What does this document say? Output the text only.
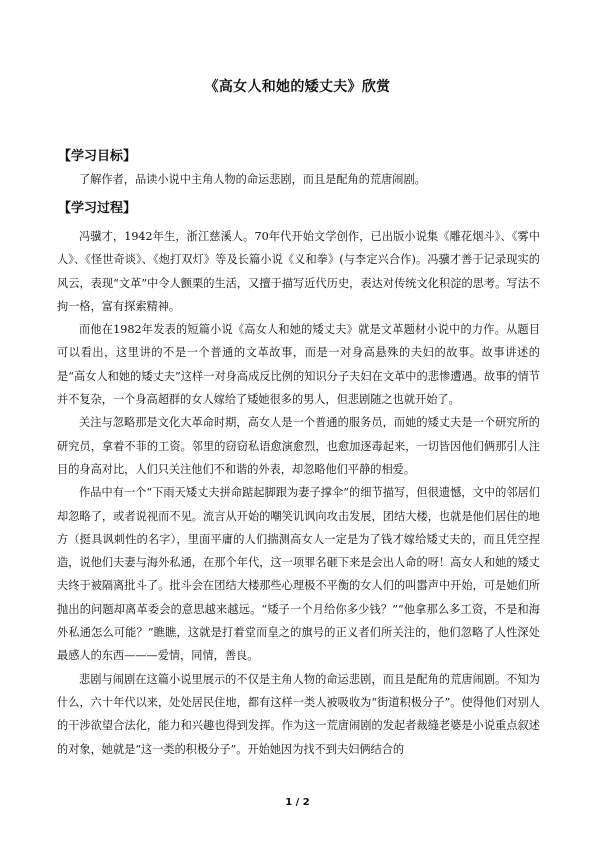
《高女人和她的矮丈夫》欣赏
【学习目标】

了解作者，品读小说中主角人物的命运悲剧，而且是配角的荒唐闹剧。

【学习过程】

冯骥才，1942年生，浙江慈溪人。70年代开始文学创作，已出版小说集《雕花烟斗》、《雾中人》、《怪世奇谈》、《炮打双灯》等及长篇小说《义和拳》(与李定兴合作)。冯骥才善于记录现实的风云，表现“文革”中令人颤栗的生活，又擅于描写近代历史，表达对传统文化积淀的思考。写法不拘一格，富有探索精神。

而他在1982年发表的短篇小说《高女人和她的矮丈夫》就是文革题材小说中的力作。从题目可以看出，这里讲的不是一个普通的文革故事，而是一对身高悬殊的夫妇的故事。故事讲述的是“高女人和她的矮丈夫”这样一对身高成反比例的知识分子夫妇在文革中的悲惨遭遇。故事的情节并不复杂，一个身高超群的女人嫁给了矮她很多的男人，但悲剧随之也就开始了。

关注与忽略那是文化大革命时期，高女人是一个普通的服务员，而她的矮丈夫是一个研究所的研究员，拿着不菲的工资。邻里的窃窃私语愈演愈烈，也愈加逐毒起来，一切皆因他们俩那引人注目的身高对比，人们只关注他们不和谐的外表，却忽略他们平静的相爱。

作品中有一个“下雨天矮丈夫拼命踮起脚跟为妻子撑伞”的细节描写，但很遗憾，文中的邻居们却忽略了，或者说视而不见。流言从开始的嘲笑讥讽向攻击发展，团结大楼，也就是他们居住的地方（挺具讽刺性的名字），里面平庸的人们揣测高女人一定是为了钱才嫁给矮丈夫的，而且凭空捏造，说他们夫妻与海外私通，在那个年代，这一项罪名砸下来是会出人命的呀！高女人和她的矮丈夫终于被隔离批斗了。批斗会在团结大楼那些心理极不平衡的女人们的叫嚣声中开始，可是她们所抛出的问题却离革委会的意思越来越远。“矮子一个月给你多少钱？”“他拿那么多工资，不是和海外私通怎么可能？”瞧瞧，这就是打着堂而皇之的旗号的正义者们所关注的，他们忽略了人性深处最感人的东西———爱情，同情，善良。

悲剧与闹剧在这篇小说里展示的不仅是主角人物的命运悲剧，而且是配角的荒唐闹剧。不知为什么，六十年代以来，处处居民住地，都有这样一类人被吸收为“街道积极分子”。使得他们对别人的干涉欲望合法化，能力和兴趣也得到发挥。作为这一荒唐闹剧的发起者裁缝老婆是小说重点叙述的对象，她就是“这一类的积极分子”。开始她因为找不到夫妇俩结合的

1 / 2
